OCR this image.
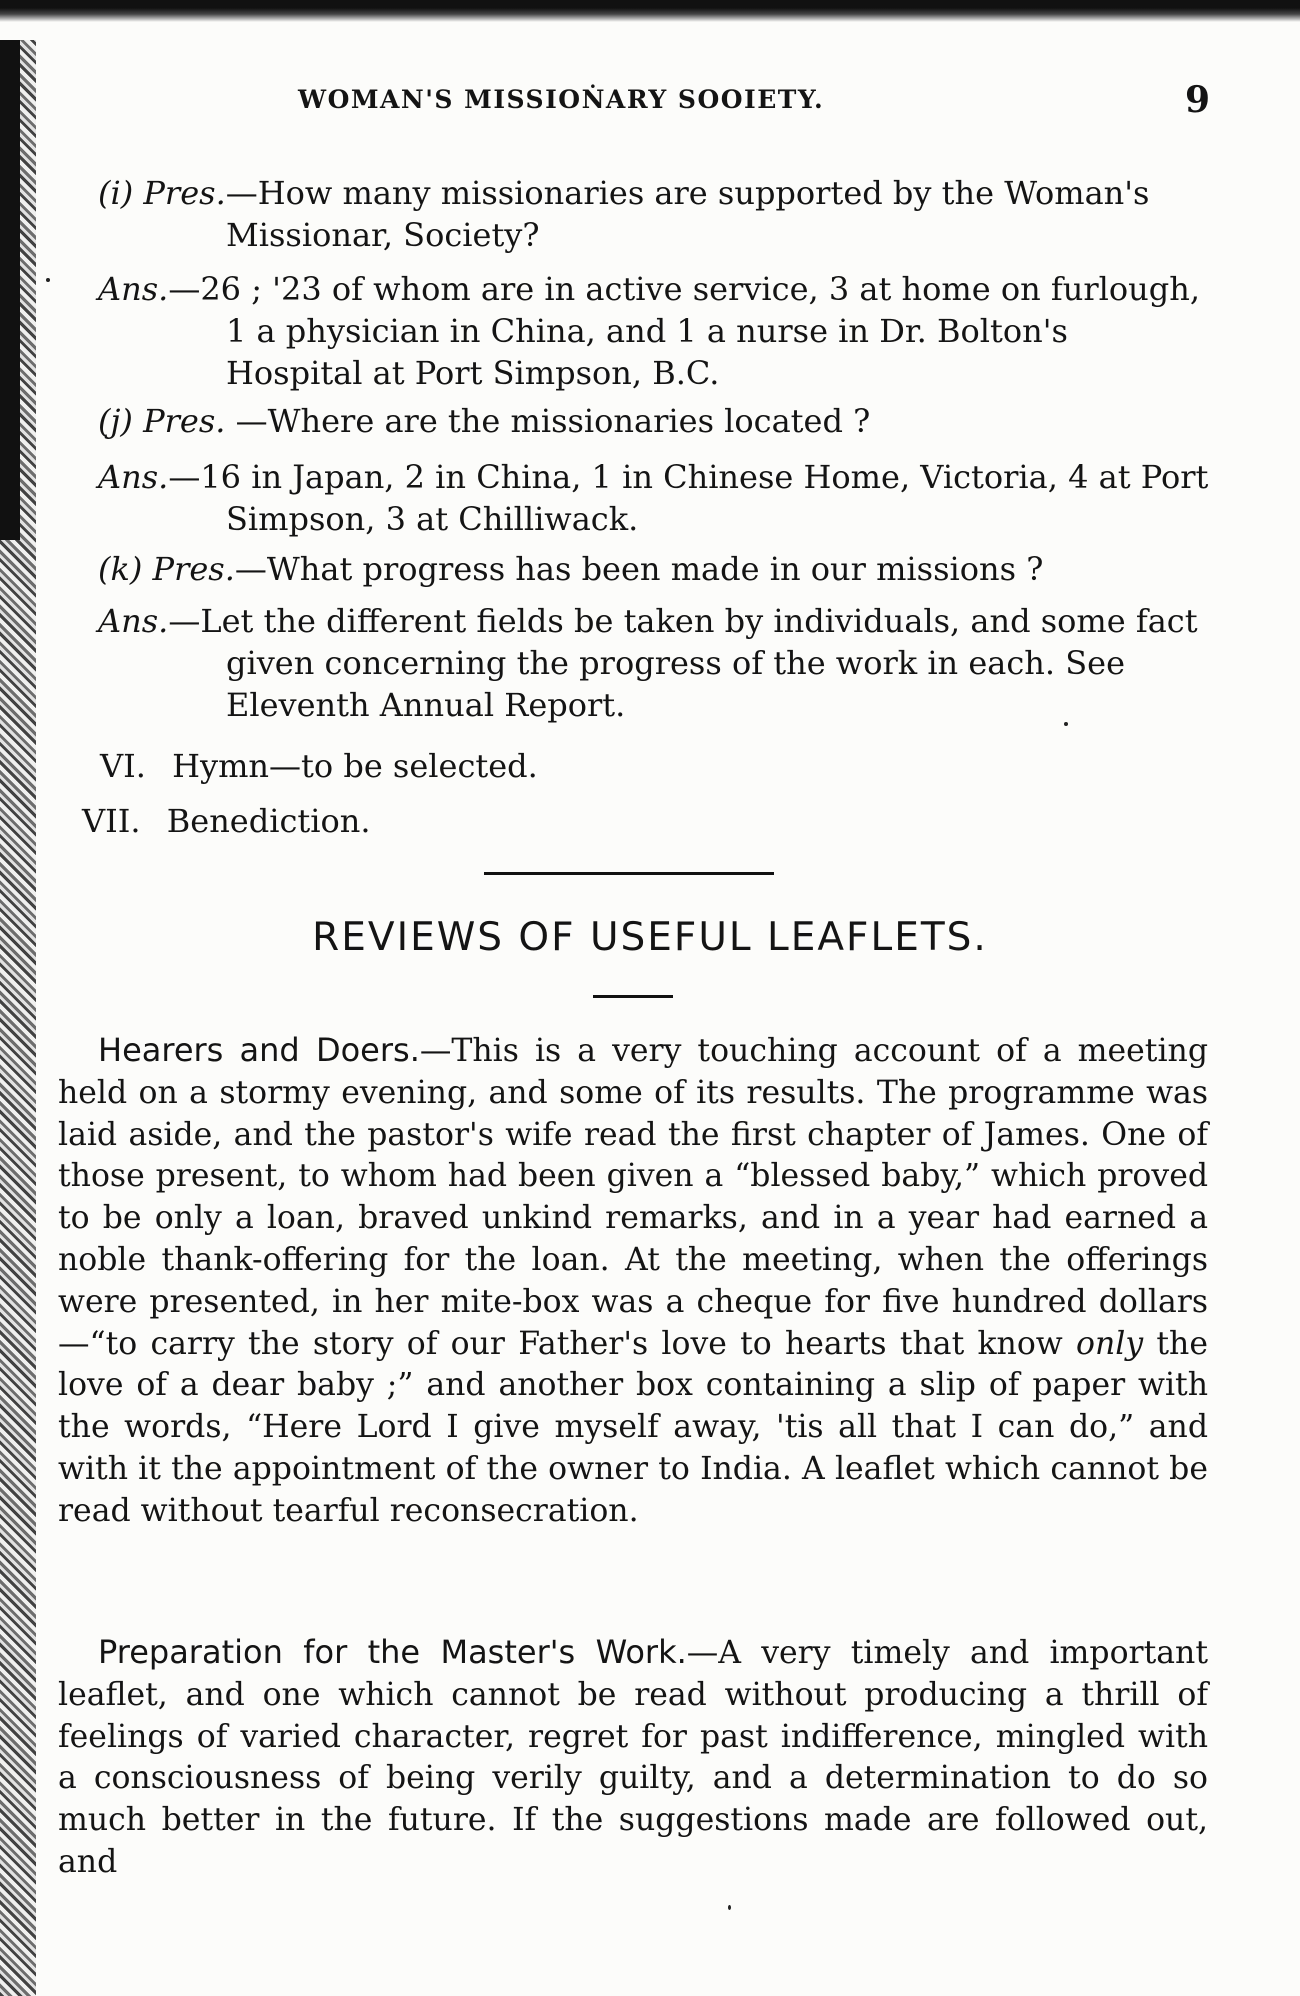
WOMAN'S MISSIOṄARY SOOIETY.	9
(i) Pres.—How many missionaries are supported by the Woman's Missionar, Society?
Ans.—26 ; '23 of whom are in active service, 3 at home on furlough, 1 a physician in China, and 1 a nurse in Dr. Bolton's Hospital at Port Simpson, B.C.
(j) Pres. —Where are the missionaries located ?
Ans.—16 in Japan, 2 in China, 1 in Chinese Home, Victoria, 4 at Port Simpson, 3 at Chilliwack.
(k) Pres.—What progress has been made in our missions ?
Ans.—Let the different fields be taken by individuals, and some fact given concerning the progress of the work in each. See Eleventh Annual Report.
VI. Hymn—to be selected.
VII. Benediction.
REVIEWS OF USEFUL LEAFLETS.

Hearers and Doers.—This is a very touching account of a meeting held on a stormy evening, and some of its results. The programme was laid aside, and the pastor's wife read the first chapter of James. One of those present, to whom had been given a “blessed baby,” which proved to be only a loan, braved unkind remarks, and in a year had earned a noble thank-offering for the loan. At the meeting, when the offerings were presented, in her mite-box was a cheque for five hundred dollars—“to carry the story of our Father's love to hearts that know only the love of a dear baby ;” and another box containing a slip of paper with the words, “Here Lord I give myself away, 'tis all that I can do,” and with it the appointment of the owner to India. A leaflet which cannot be read without tearful reconsecration.

Preparation for the Master's Work.—A very timely and important leaflet, and one which cannot be read without producing a thrill of feelings of varied character, regret for past indifference, mingled with a consciousness of being verily guilty, and a determination to do so much better in the future. If the suggestions made are followed out, and
